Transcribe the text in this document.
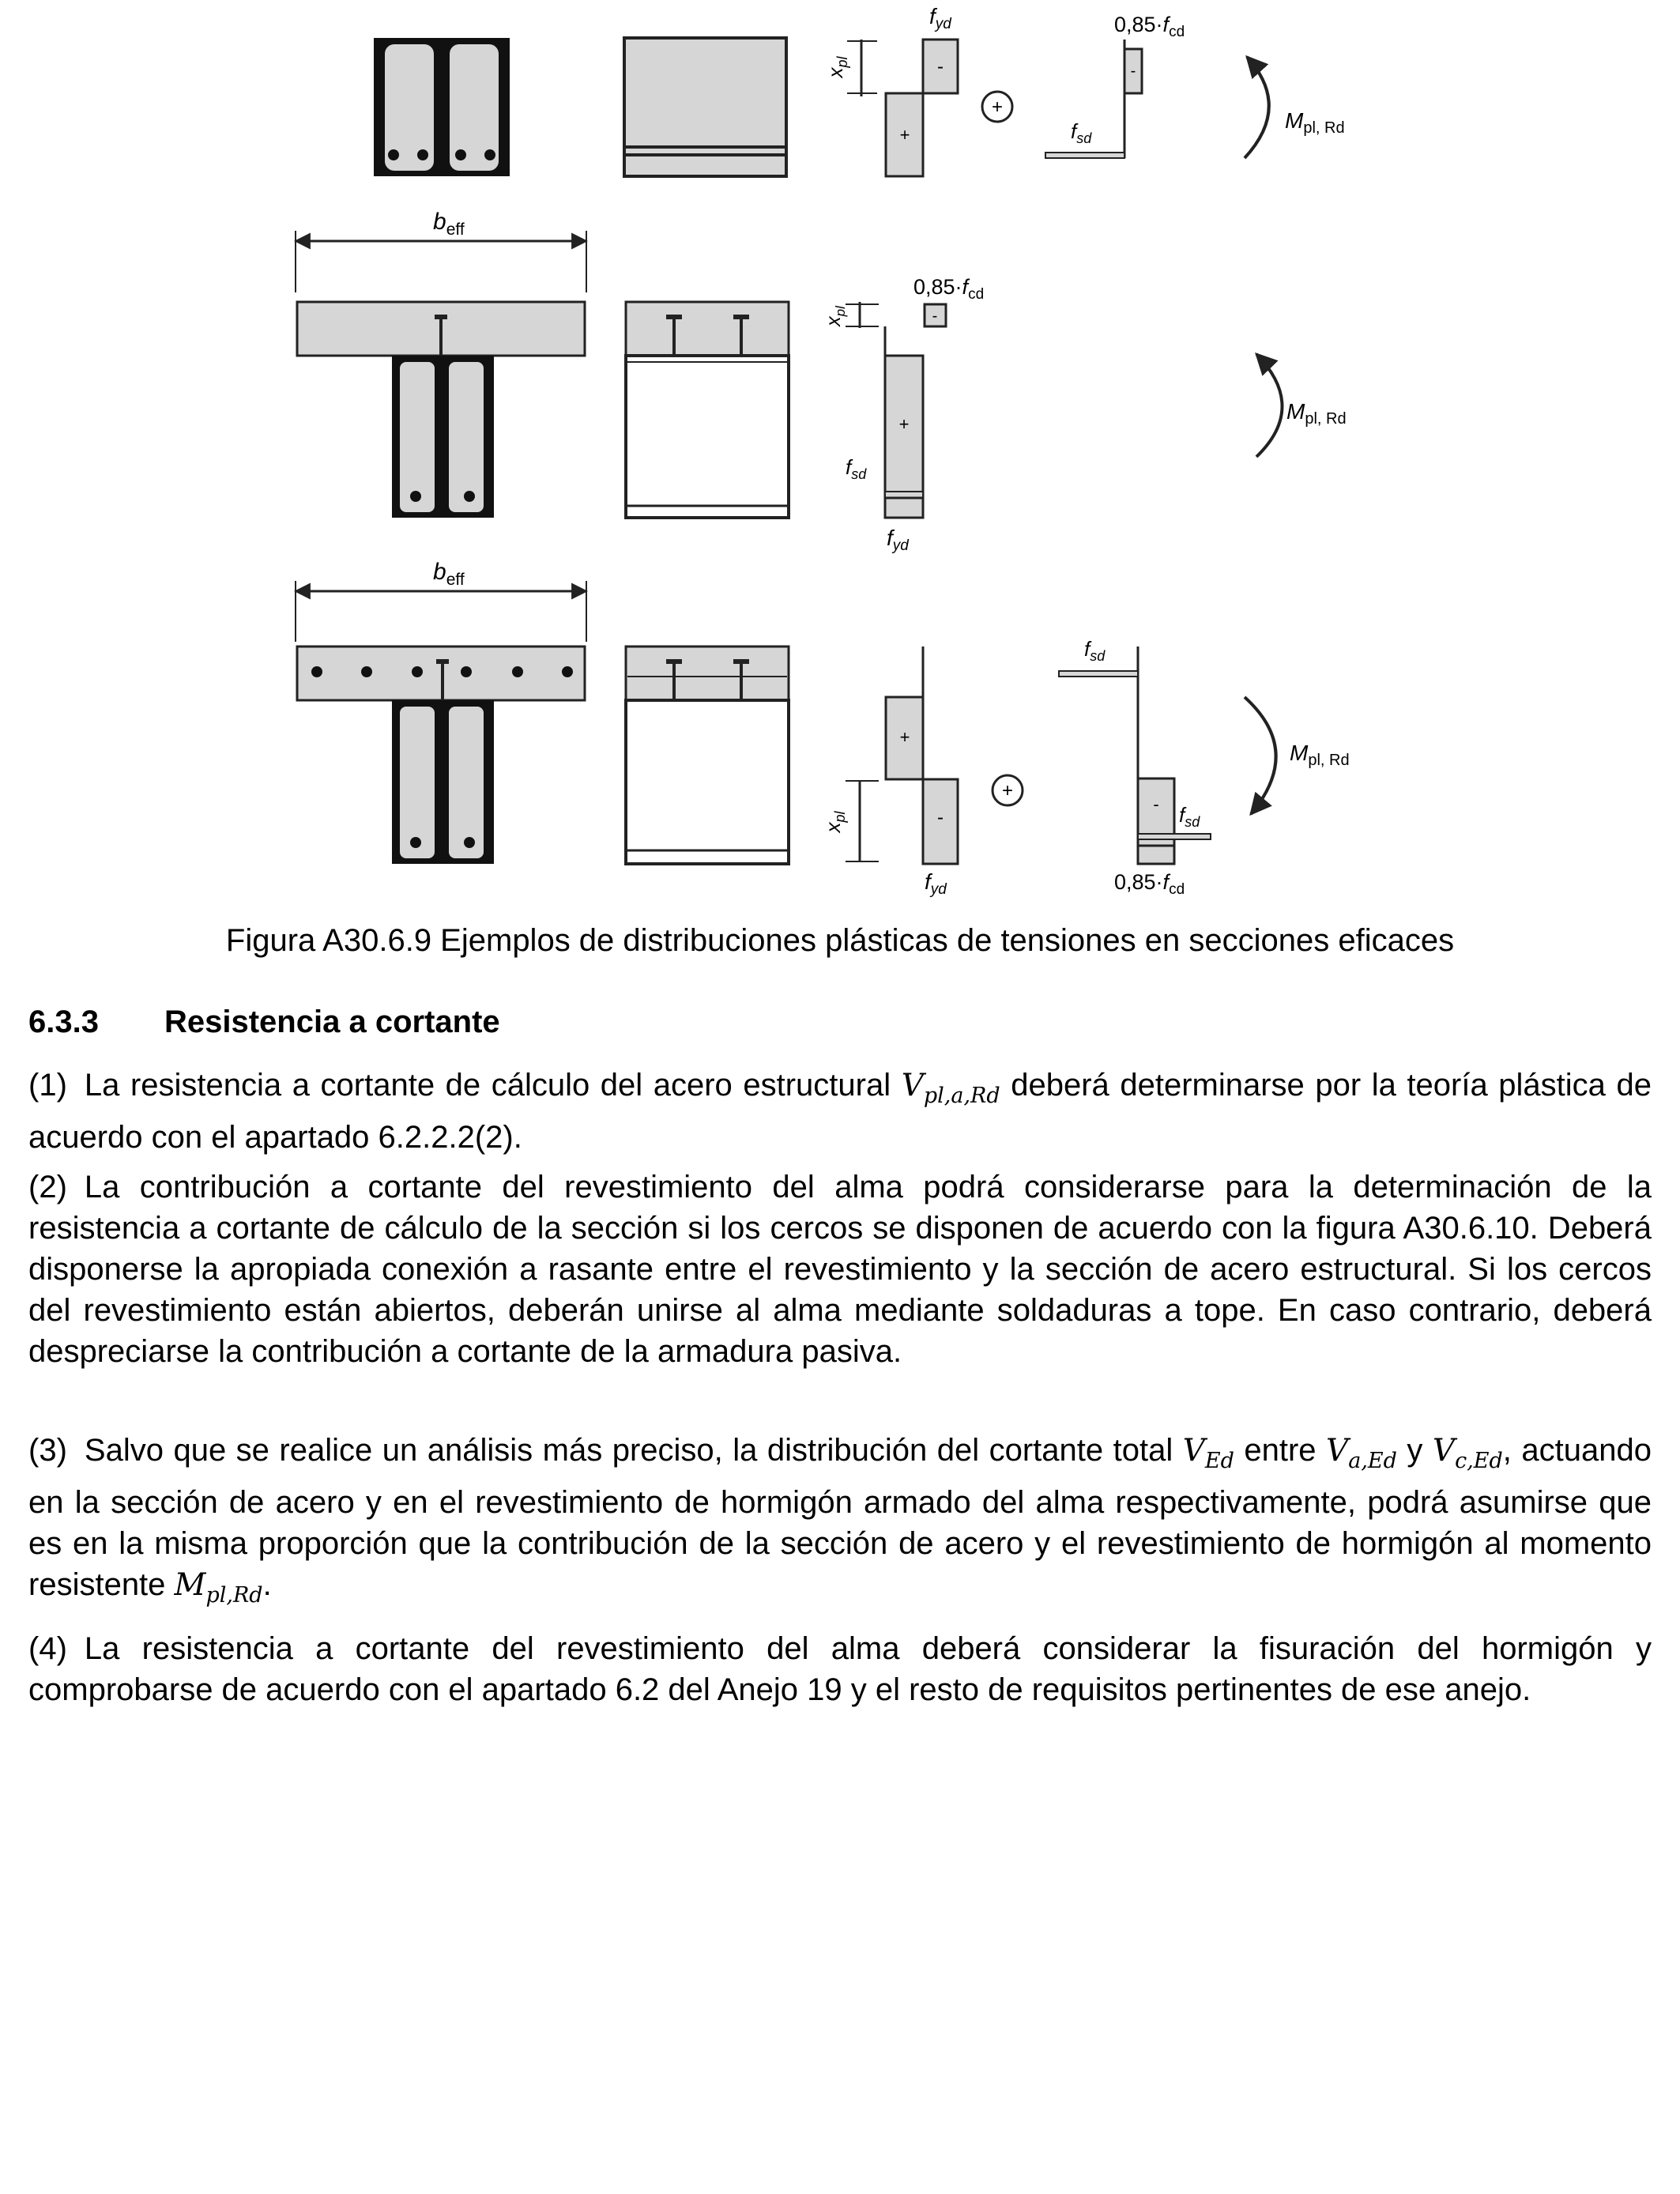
$x_{pl}$	-
+
$f_{yd}$
+
-
$0,85\cdot f_{cd}$
$f_{sd}$
$M_{pl, Rd}$
$b_{eff}$
$x_{pl}$	-
$0,85\cdot f_{cd}$
+
$f_{sd}$
$f_{yd}$
$M_{pl, Rd}$
$b_{eff}$
+
-
$x_{pl}$
$f_{yd}$
+
$f_{sd}$
- $f_{sd}$
$0,85\cdot f_{cd}$
$M_{pl, Rd}$
Figura A30.6.9 Ejemplos de distribuciones plásticas de tensiones en secciones eficaces
6.3.3 Resistencia a cortante
(1) La resistencia a cortante de cálculo del acero estructural $V_{pl,a,Rd}$ deberá determinarse por la teoría plástica de acuerdo con el apartado 6.2.2.2(2).
(2) La contribución a cortante del revestimiento del alma podrá considerarse para la determinación de la resistencia a cortante de cálculo de la sección si los cercos se disponen de acuerdo con la figura A30.6.10. Deberá disponerse la apropiada conexión a rasante entre el revestimiento y la sección de acero estructural. Si los cercos del revestimiento están abiertos, deberán unirse al alma mediante soldaduras a tope. En caso contrario, deberá despreciarse la contribución a cortante de la armadura pasiva.
(3) Salvo que se realice un análisis más preciso, la distribución del cortante total $V_{Ed}$ entre $V_{a,Ed}$ y $V_{c,Ed}$, actuando en la sección de acero y en el revestimiento de hormigón armado del alma respectivamente, podrá asumirse que es en la misma proporción que la contribución de la sección de acero y el revestimiento de hormigón al momento resistente $M_{pl,Rd}$.
(4) La resistencia a cortante del revestimiento del alma deberá considerar la fisuración del hormigón y comprobarse de acuerdo con el apartado 6.2 del Anejo 19 y el resto de requisitos pertinentes de ese anejo.
